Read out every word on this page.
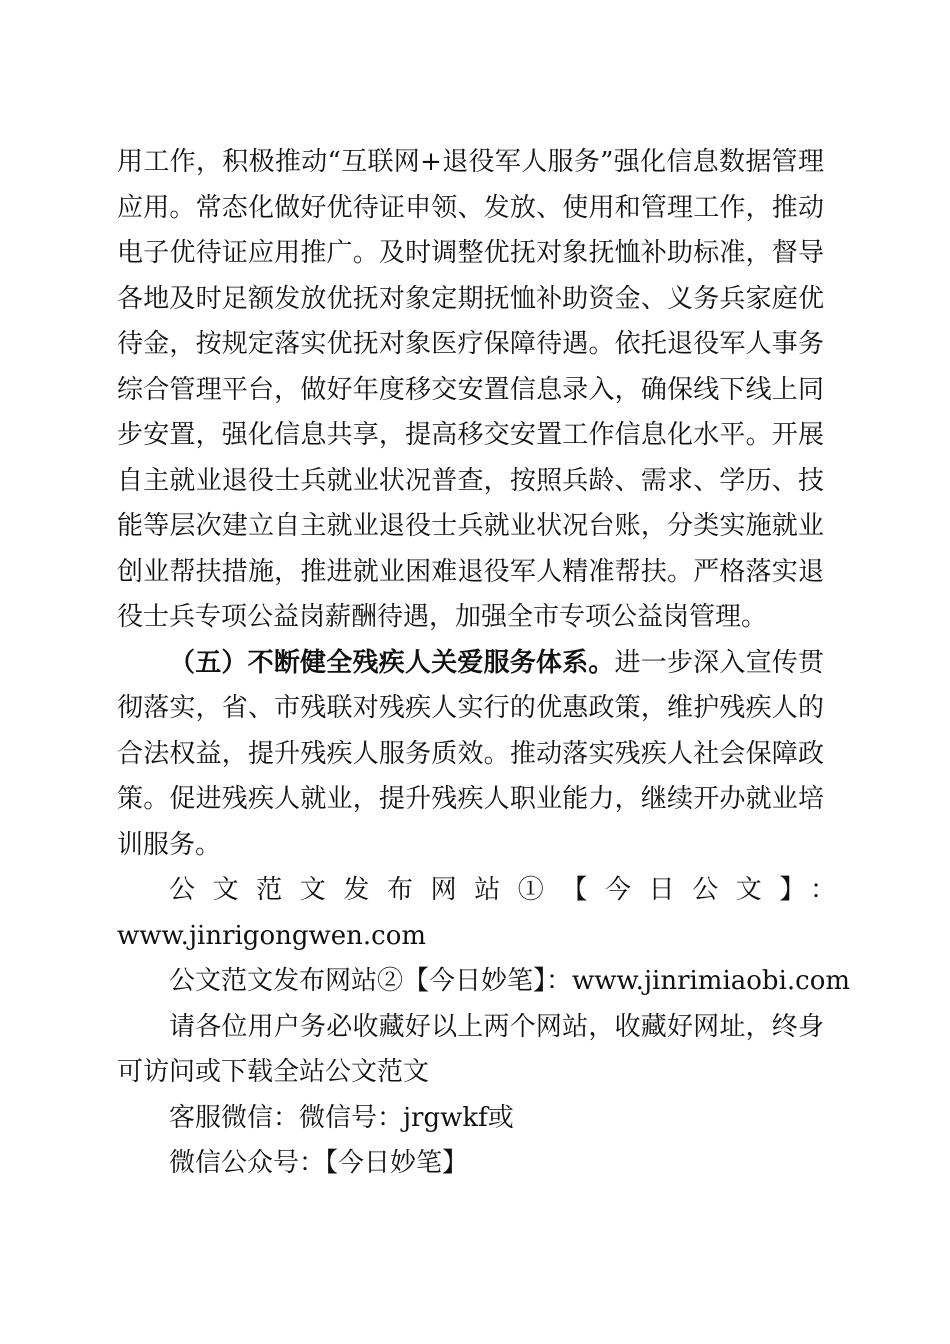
用工作，积极推动“互联网+退役军人服务”强化信息数据管理
应用。常态化做好优待证申领、发放、使用和管理工作，推动
电子优待证应用推广。及时调整优抚对象抚恤补助标准，督导
各地及时足额发放优抚对象定期抚恤补助资金、义务兵家庭优
待金，按规定落实优抚对象医疗保障待遇。依托退役军人事务
综合管理平台，做好年度移交安置信息录入，确保线下线上同
步安置，强化信息共享，提高移交安置工作信息化水平。开展
自主就业退役士兵就业状况普查，按照兵龄、需求、学历、技
能等层次建立自主就业退役士兵就业状况台账，分类实施就业
创业帮扶措施，推进就业困难退役军人精准帮扶。严格落实退
役士兵专项公益岗薪酬待遇，加强全市专项公益岗管理。
（五）不断健全残疾人关爱服务体系。进一步深入宣传贯
彻落实，省、市残联对残疾人实行的优惠政策，维护残疾人的
合法权益，提升残疾人服务质效。推动落实残疾人社会保障政
策。促进残疾人就业，提升残疾人职业能力，继续开办就业培
训服务。
公文范文发布网站①【今日公文】：
www.jinrigongwen.com
公文范文发布网站②【今日妙笔】：www.jinrimiaobi.com
请各位用户务必收藏好以上两个网站，收藏好网址，终身
可访问或下载全站公文范文
客服微信：微信号：jrgwkf或
微信公众号：【今日妙笔】
